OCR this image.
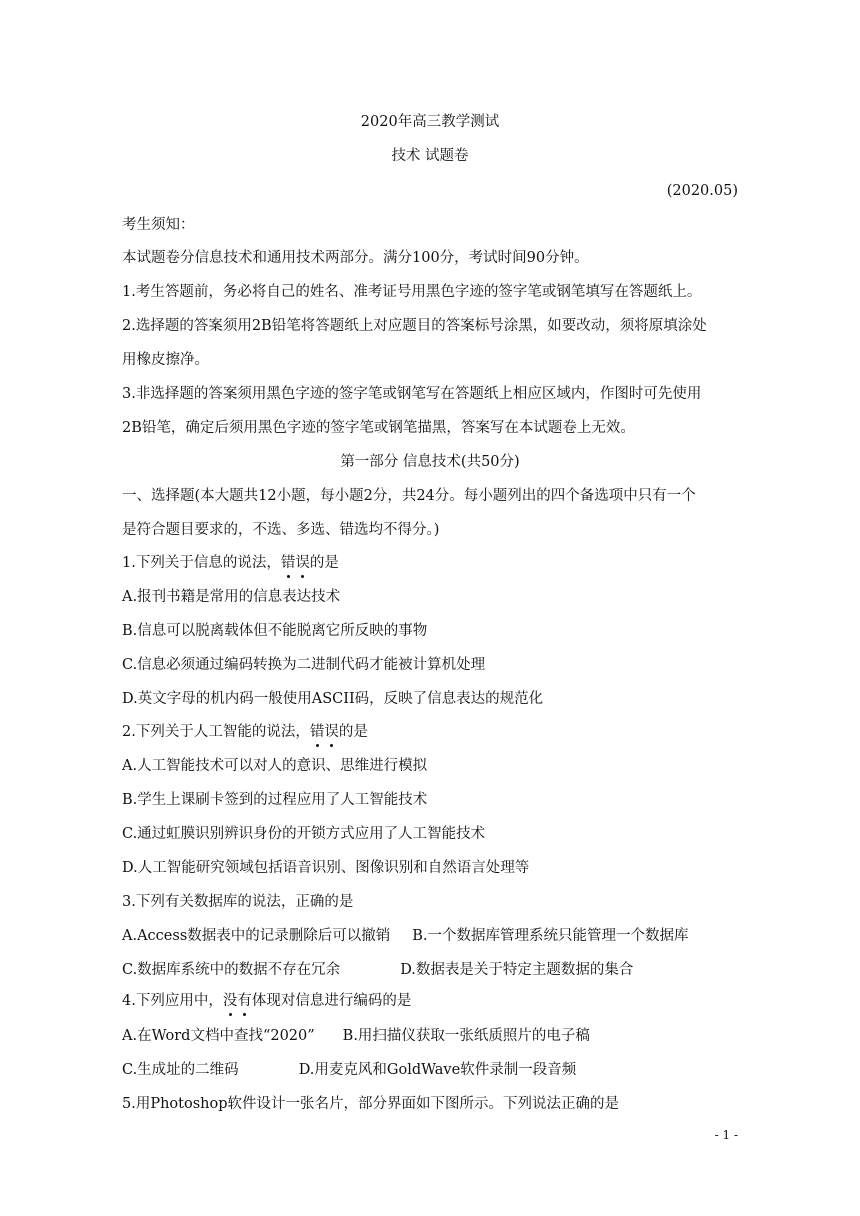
2020年高三教学测试
技术 试题卷
(2020.05)
考生须知：
本试题卷分信息技术和通用技术两部分。满分100分，考试时间90分钟。
1.考生答题前，务必将自己的姓名、准考证号用黑色字迹的签字笔或钢笔填写在答题纸上。
2.选择题的答案须用2B铅笔将答题纸上对应题目的答案标号涂黑，如要改动，须将原填涂处
用橡皮擦净。
3.非选择题的答案须用黑色字迹的签字笔或钢笔写在答题纸上相应区域内，作图时可先使用
2B铅笔，确定后须用黑色字迹的签字笔或钢笔描黑，答案写在本试题卷上无效。
第一部分 信息技术(共50分)
一、选择题(本大题共12小题，每小题2分，共24分。每小题列出的四个备选项中只有一个
是符合题目要求的，不选、多选、错选均不得分。)
1.下列关于信息的说法，错误的是
A.报刊书籍是常用的信息表达技术
B.信息可以脱离载体但不能脱离它所反映的事物
C.信息必须通过编码转换为二进制代码才能被计算机处理
D.英文字母的机内码一般使用ASCII码，反映了信息表达的规范化
2.下列关于人工智能的说法，错误的是
A.人工智能技术可以对人的意识、思维进行模拟
B.学生上课刷卡签到的过程应用了人工智能技术
C.通过虹膜识别辨识身份的开锁方式应用了人工智能技术
D.人工智能研究领域包括语音识别、图像识别和自然语言处理等
3.下列有关数据库的说法，正确的是
A.Access数据表中的记录删除后可以撤销 B.一个数据库管理系统只能管理一个数据库
C.数据库系统中的数据不存在冗余	D.数据表是关于特定主题数据的集合
4.下列应用中，没有体现对信息进行编码的是
A.在Word文档中查找“2020” B.用扫描仪获取一张纸质照片的电子稿
C.生成址的二维码	D.用麦克风和GoldWave软件录制一段音频
5.用Photoshop软件设计一张名片，部分界面如下图所示。下列说法正确的是
- 1 -
